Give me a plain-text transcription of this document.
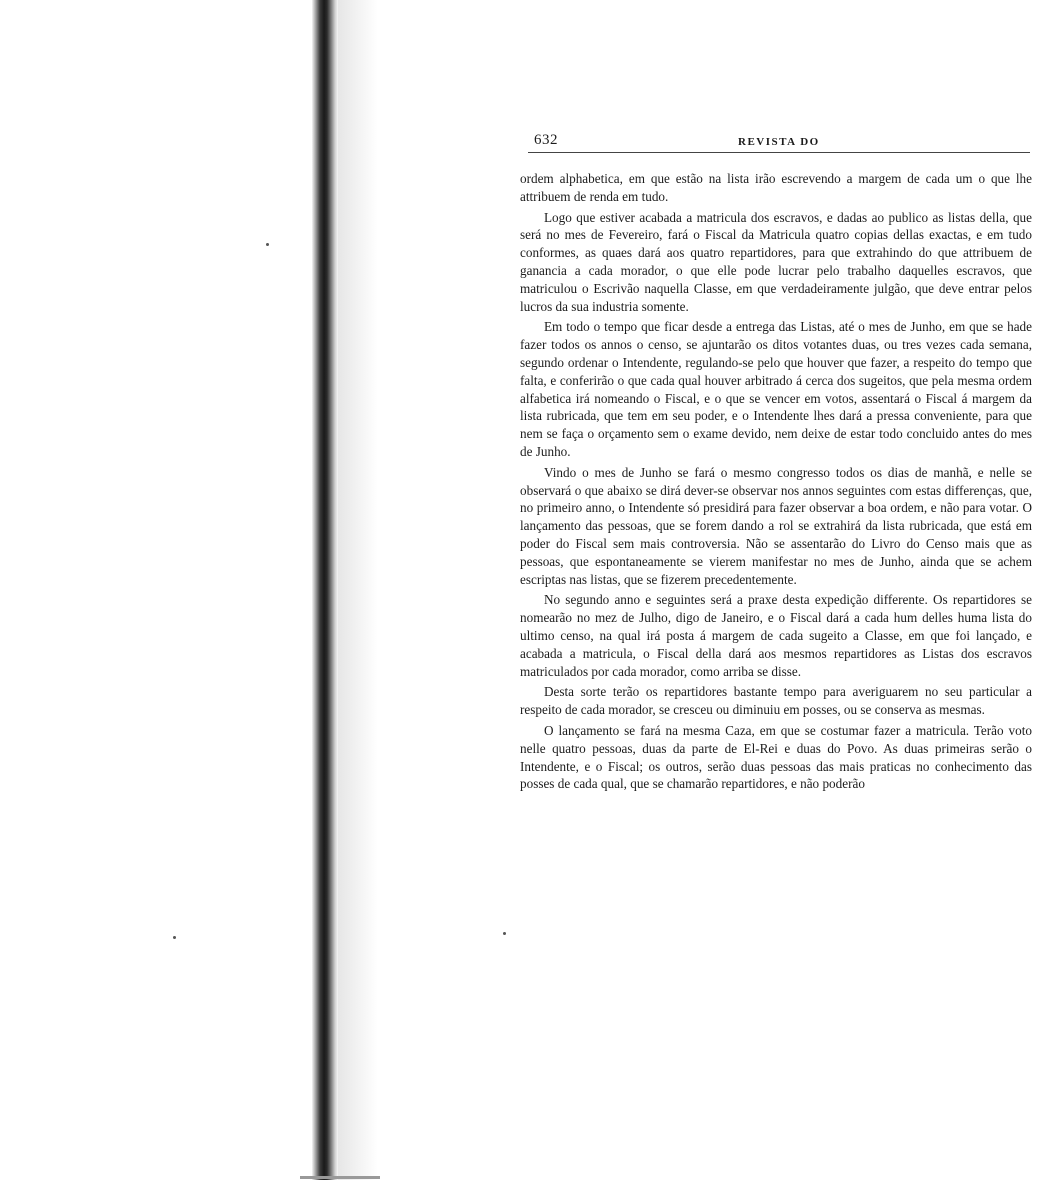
632	REVISTA DO

ordem alphabetica, em que estão na lista irão escrevendo a margem de cada um o que lhe attribuem de renda em tudo.

Logo que estiver acabada a matricula dos escravos, e dadas ao publico as listas della, que será no mes de Fevereiro, fará o Fiscal da Matricula quatro copias dellas exactas, e em tudo conformes, as quaes dará aos quatro repartidores, para que extrahindo do que attribuem de ganancia a cada morador, o que elle pode lucrar pelo trabalho daquelles escravos, que matriculou o Escrivão naquella Classe, em que verdadeiramente julgão, que deve entrar pelos lucros da sua industria somente.

Em todo o tempo que ficar desde a entrega das Listas, até o mes de Junho, em que se hade fazer todos os annos o censo, se ajuntarão os ditos votantes duas, ou tres vezes cada semana, segundo ordenar o Intendente, regulando-se pelo que houver que fazer, a respeito do tempo que falta, e conferirão o que cada qual houver arbitrado á cerca dos sugeitos, que pela mesma ordem alfabetica irá nomeando o Fiscal, e o que se vencer em votos, assentará o Fiscal á margem da lista rubricada, que tem em seu poder, e o Intendente lhes dará a pressa conveniente, para que nem se faça o orçamento sem o exame devido, nem deixe de estar todo concluido antes do mes de Junho.

Vindo o mes de Junho se fará o mesmo congresso todos os dias de manhã, e nelle se observará o que abaixo se dirá dever-se observar nos annos seguintes com estas differenças, que, no primeiro anno, o Intendente só presidirá para fazer observar a boa ordem, e não para votar. O lançamento das pessoas, que se forem dando a rol se extrahirá da lista rubricada, que está em poder do Fiscal sem mais controversia. Não se assentarão do Livro do Censo mais que as pessoas, que espontaneamente se vierem manifestar no mes de Junho, ainda que se achem escriptas nas listas, que se fizerem precedentemente.

No segundo anno e seguintes será a praxe desta expedição differente. Os repartidores se nomearão no mez de Julho, digo de Janeiro, e o Fiscal dará a cada hum delles huma lista do ultimo censo, na qual irá posta á margem de cada sugeito a Classe, em que foi lançado, e acabada a matricula, o Fiscal della dará aos mesmos repartidores as Listas dos escravos matriculados por cada morador, como arriba se disse.

Desta sorte terão os repartidores bastante tempo para averiguarem no seu particular a respeito de cada morador, se cresceu ou diminuiu em posses, ou se conserva as mesmas.

O lançamento se fará na mesma Caza, em que se costumar fazer a matricula. Terão voto nelle quatro pessoas, duas da parte de El-Rei e duas do Povo. As duas primeiras serão o Intendente, e o Fiscal; os outros, serão duas pessoas das mais praticas no conhecimento das posses de cada qual, que se chamarão repartidores, e não poderão
